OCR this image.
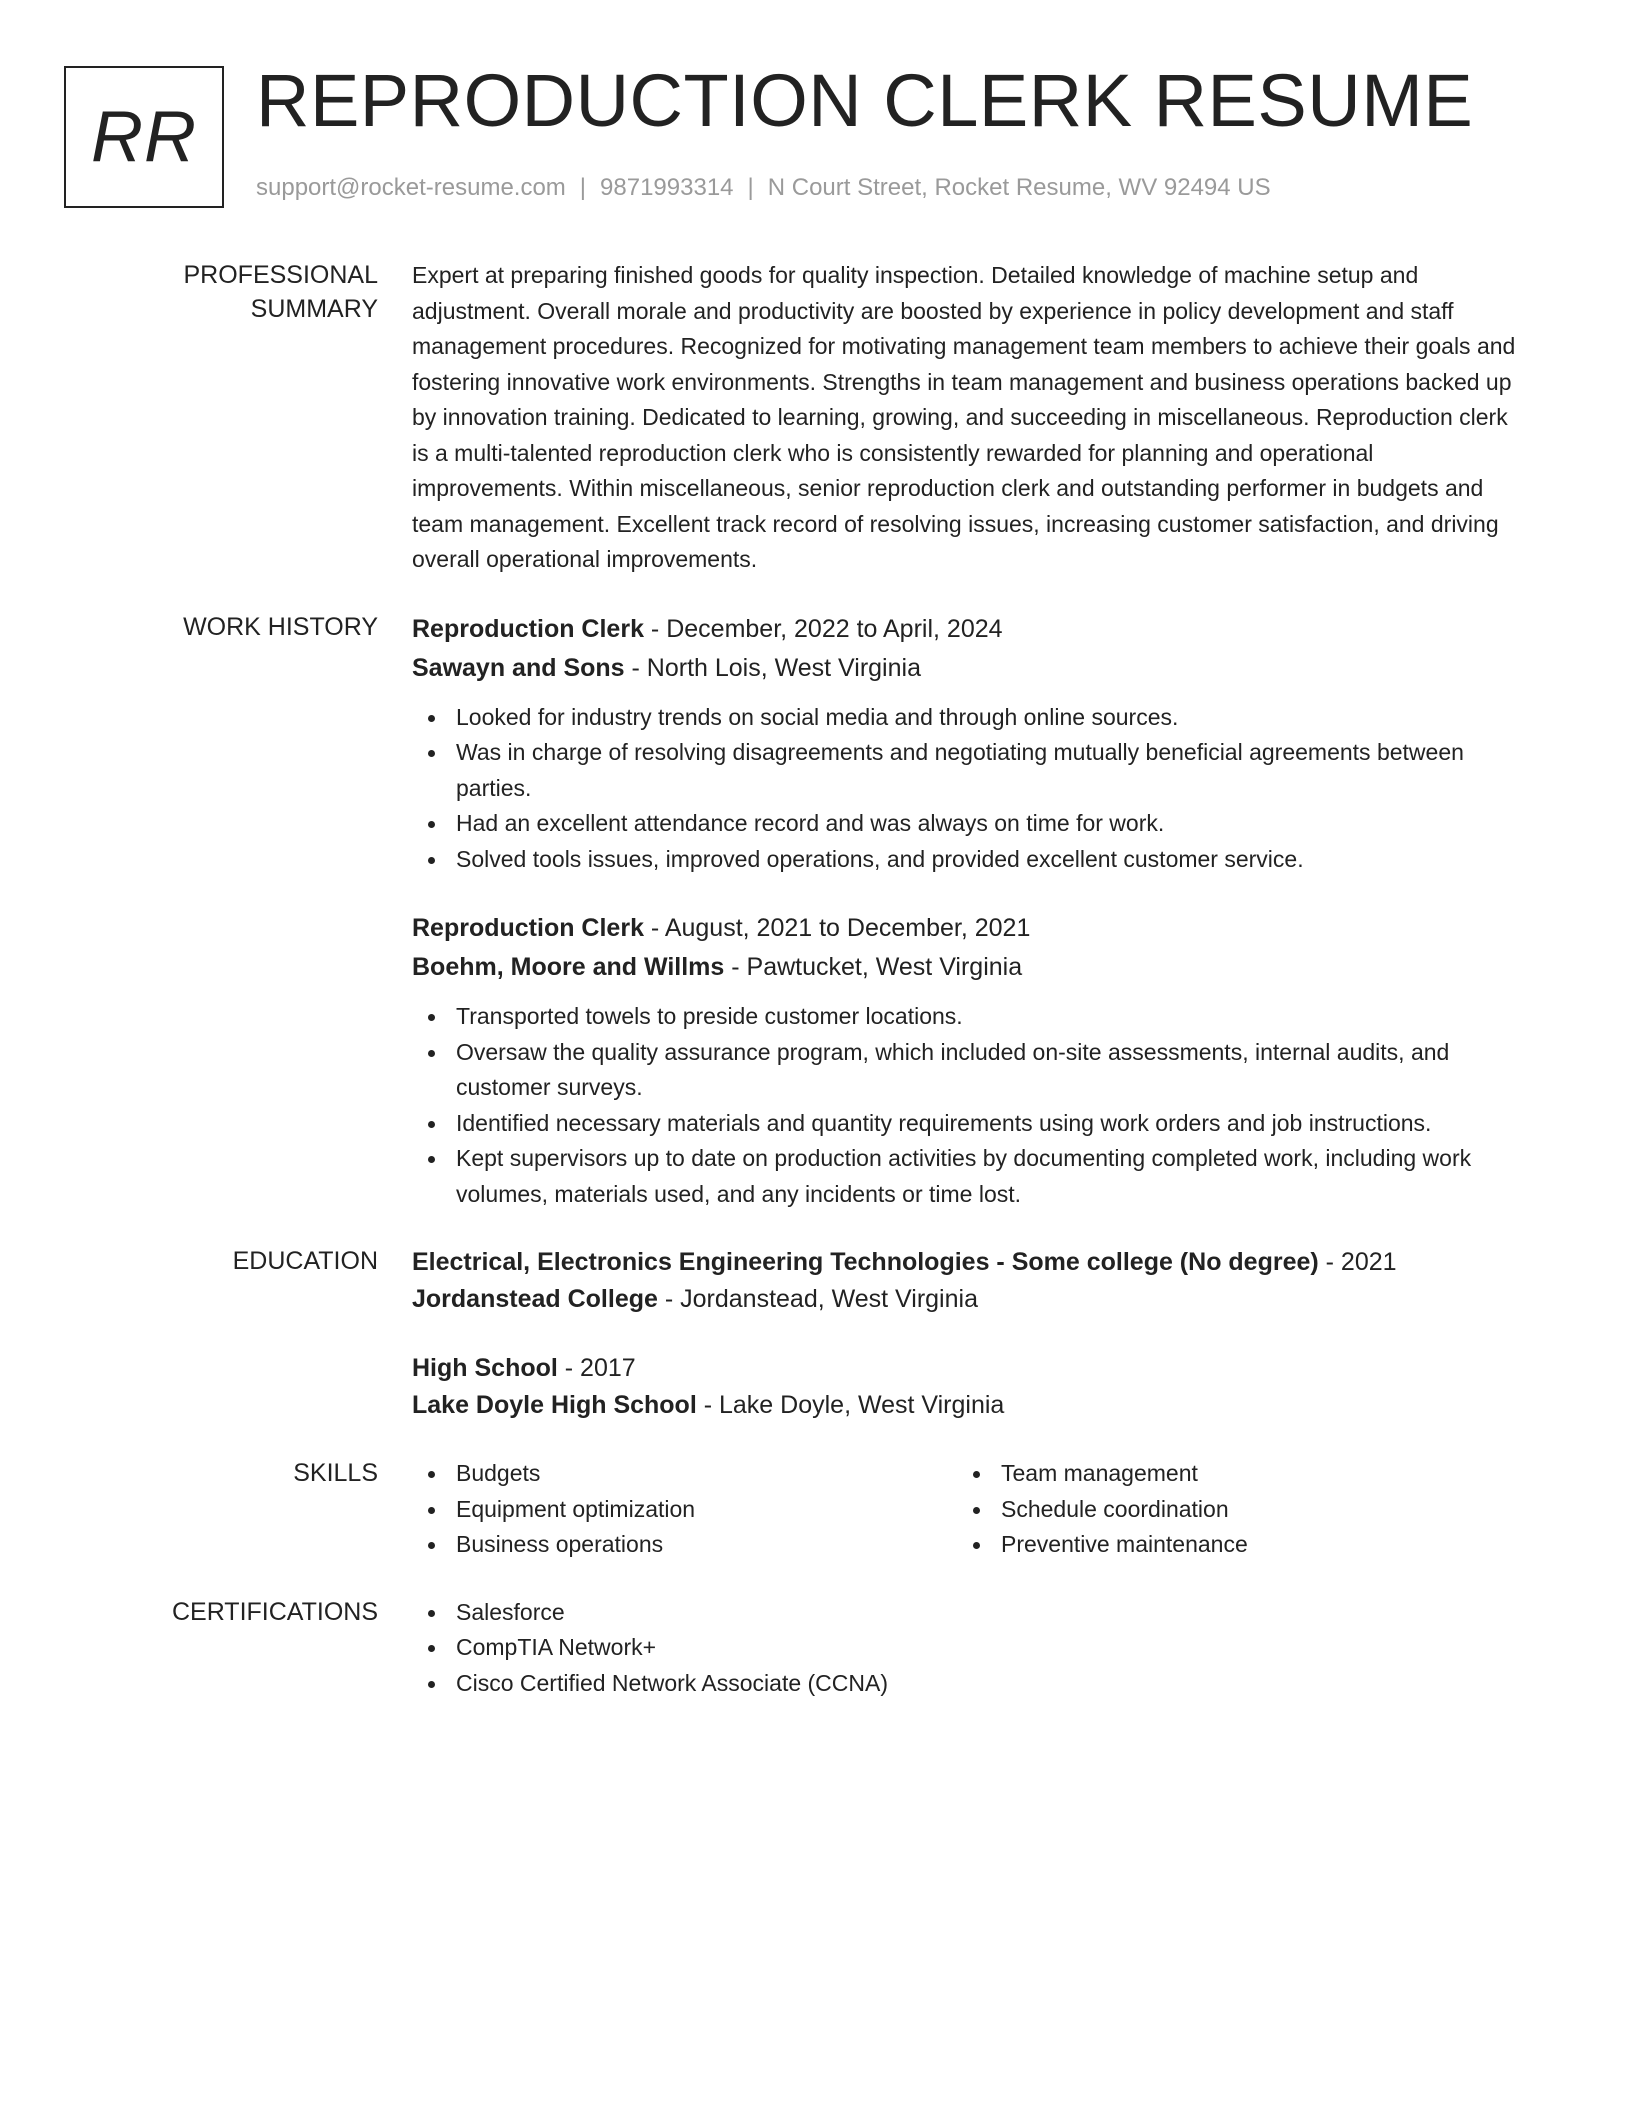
RR REPRODUCTION CLERK RESUME
support@rocket-resume.com | 9871993314 | N Court Street, Rocket Resume, WV 92494 US
PROFESSIONAL SUMMARY

Expert at preparing finished goods for quality inspection. Detailed knowledge of machine setup and adjustment. Overall morale and productivity are boosted by experience in policy development and staff management procedures. Recognized for motivating management team members to achieve their goals and fostering innovative work environments. Strengths in team management and business operations backed up by innovation training. Dedicated to learning, growing, and succeeding in miscellaneous. Reproduction clerk is a multi-talented reproduction clerk who is consistently rewarded for planning and operational improvements. Within miscellaneous, senior reproduction clerk and outstanding performer in budgets and team management. Excellent track record of resolving issues, increasing customer satisfaction, and driving overall operational improvements.

WORK HISTORY	Reproduction Clerk - December, 2022 to April, 2024
Sawayn and Sons - North Lois, West Virginia
Looked for industry trends on social media and through online sources.
Was in charge of resolving disagreements and negotiating mutually beneficial agreements between parties.
Had an excellent attendance record and was always on time for work.
Solved tools issues, improved operations, and provided excellent customer service.
Reproduction Clerk - August, 2021 to December, 2021
Boehm, Moore and Willms - Pawtucket, West Virginia
Transported towels to preside customer locations.
Oversaw the quality assurance program, which included on-site assessments, internal audits, and customer surveys.
Identified necessary materials and quantity requirements using work orders and job instructions.
Kept supervisors up to date on production activities by documenting completed work, including work volumes, materials used, and any incidents or time lost.
EDUCATION	Electrical, Electronics Engineering Technologies - Some college (No degree) - 2021
Jordanstead College - Jordanstead, West Virginia
High School - 2017
Lake Doyle High School - Lake Doyle, West Virginia
SKILLS	Budgets
Equipment optimization
Business operations
Team management
Schedule coordination
Preventive maintenance
CERTIFICATIONS	Salesforce
CompTIA Network+
Cisco Certified Network Associate (CCNA)
